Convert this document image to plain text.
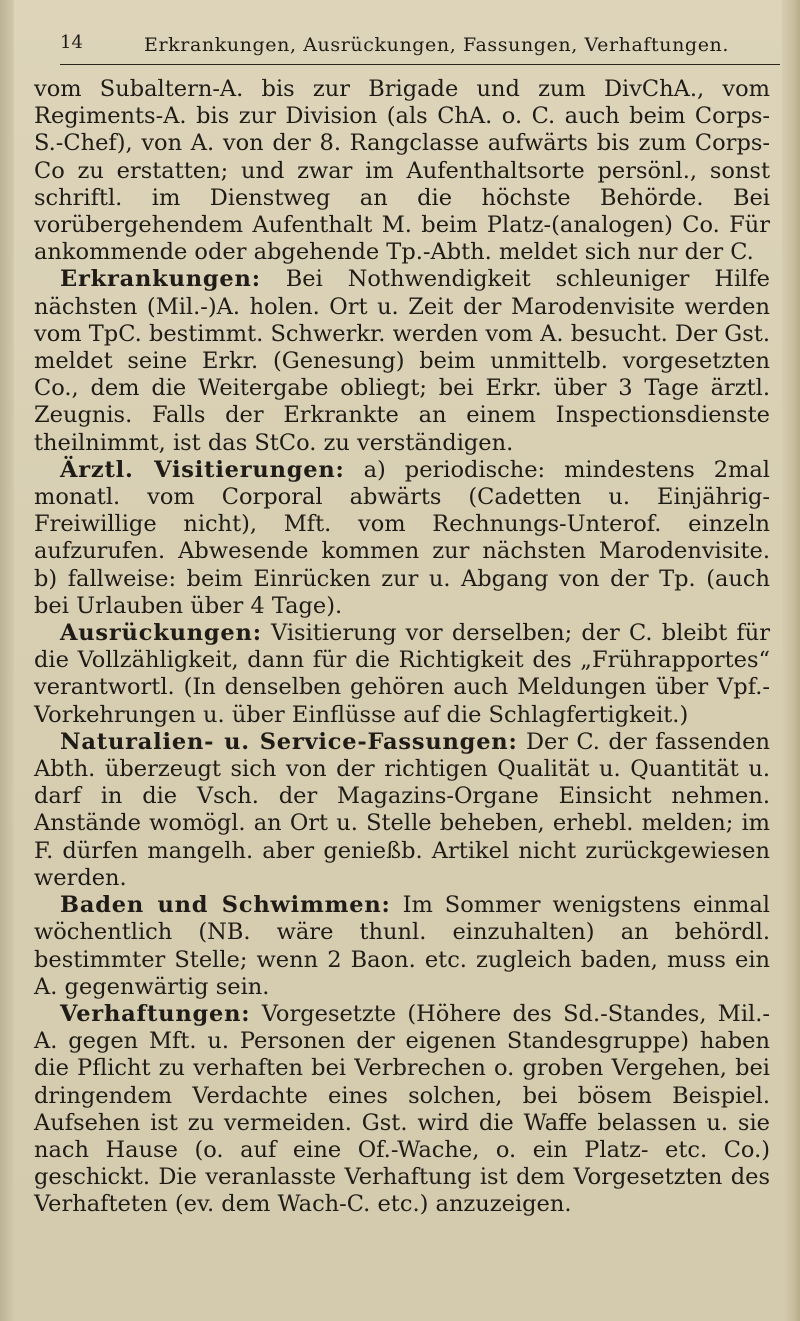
14	Erkrankungen, Ausrückungen, Fassungen, Verhaftungen.

vom Subaltern-A. bis zur Brigade und zum DivChA., vom Regiments-A. bis zur Division (als ChA. o. C. auch beim Corps-S.-Chef), von A. von der 8. Rangclasse aufwärts bis zum Corps-Co zu erstatten; und zwar im Aufenthaltsorte persönl., sonst schriftl. im Dienstweg an die höchste Behörde. Bei vorübergehendem Aufenthalt M. beim Platz-(analogen) Co. Für ankommende oder abgehende Tp.-Abth. meldet sich nur der C.

Erkrankungen: Bei Nothwendigkeit schleuniger Hilfe nächsten (Mil.-)A. holen. Ort u. Zeit der Marodenvisite werden vom TpC. bestimmt. Schwerkr. werden vom A. besucht. Der Gst. meldet seine Erkr. (Genesung) beim unmittelb. vorgesetzten Co., dem die Weitergabe obliegt; bei Erkr. über 3 Tage ärztl. Zeugnis. Falls der Erkrankte an einem Inspectionsdienste theilnimmt, ist das StCo. zu verständigen.

Ärztl. Visitierungen: a) periodische: mindestens 2mal monatl. vom Corporal abwärts (Cadetten u. Einjährig-Freiwillige nicht), Mft. vom Rechnungs-Unterof. einzeln aufzurufen. Abwesende kommen zur nächsten Marodenvisite. b) fallweise: beim Einrücken zur u. Abgang von der Tp. (auch bei Urlauben über 4 Tage).

Ausrückungen: Visitierung vor derselben; der C. bleibt für die Vollzähligkeit, dann für die Richtigkeit des „Frührapportes“ verantwortl. (In denselben gehören auch Meldungen über Vpf.-Vorkehrungen u. über Einflüsse auf die Schlagfertigkeit.)

Naturalien- u. Service-Fassungen: Der C. der fassenden Abth. überzeugt sich von der richtigen Qualität u. Quantität u. darf in die Vsch. der Magazins-Organe Einsicht nehmen. Anstände womögl. an Ort u. Stelle beheben, erhebl. melden; im F. dürfen mangelh. aber genießb. Artikel nicht zurückgewiesen werden.

Baden und Schwimmen: Im Sommer wenigstens einmal wöchentlich (NB. wäre thunl. einzuhalten) an behördl. bestimmter Stelle; wenn 2 Baon. etc. zugleich baden, muss ein A. gegenwärtig sein.

Verhaftungen: Vorgesetzte (Höhere des Sd.-Standes, Mil.-A. gegen Mft. u. Personen der eigenen Standesgruppe) haben die Pflicht zu verhaften bei Verbrechen o. groben Vergehen, bei dringendem Verdachte eines solchen, bei bösem Beispiel. Aufsehen ist zu vermeiden. Gst. wird die Waffe belassen u. sie nach Hause (o. auf eine Of.-Wache, o. ein Platz- etc. Co.) geschickt. Die veranlasste Verhaftung ist dem Vorgesetzten des Verhafteten (ev. dem Wach-C. etc.) anzuzeigen.
